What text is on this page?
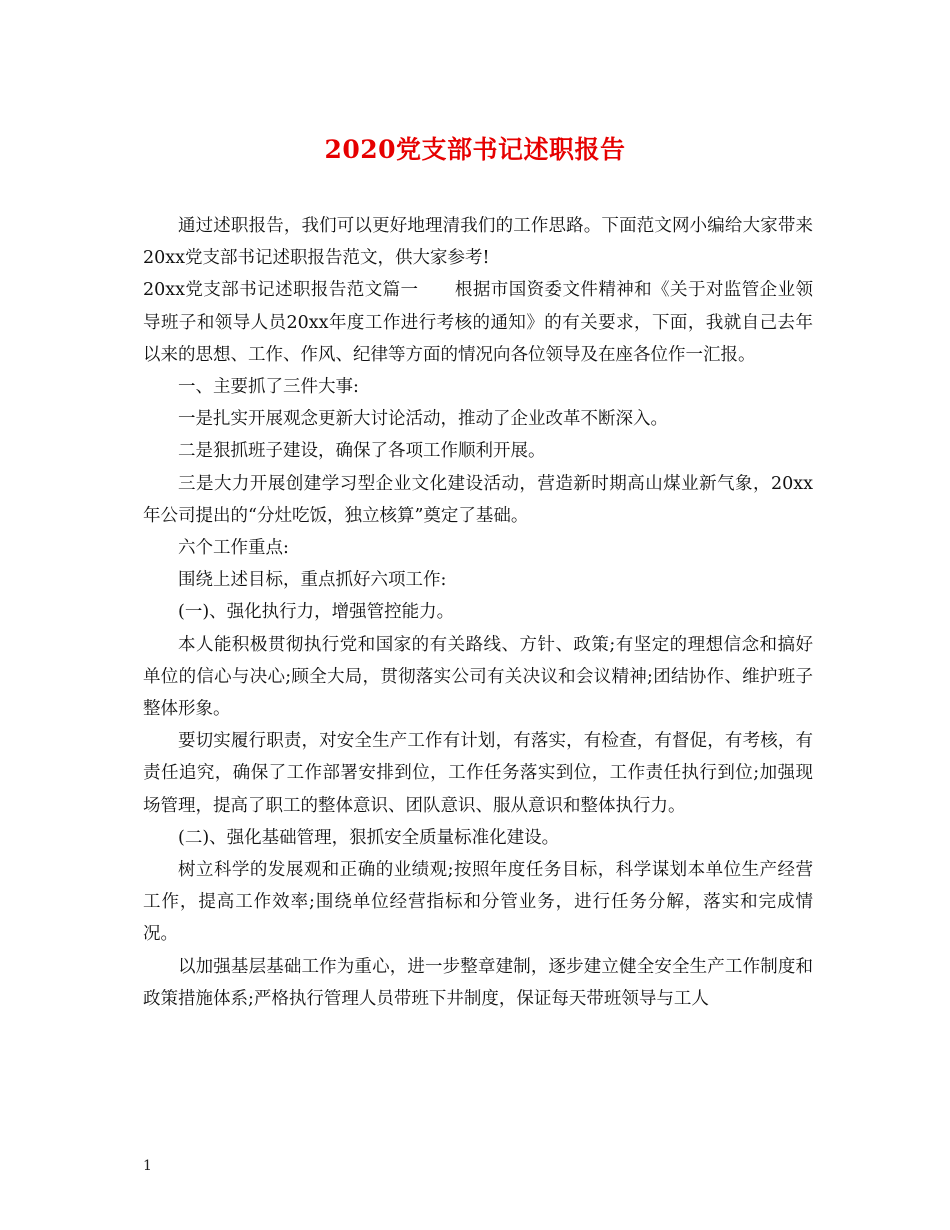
2020党支部书记述职报告

通过述职报告，我们可以更好地理清我们的工作思路。下面范文网小编给大家带来20xx党支部书记述职报告范文，供大家参考!

20xx党支部书记述职报告范文篇一 根据市国资委文件精神和《关于对监管企业领导班子和领导人员20xx年度工作进行考核的通知》的有关要求，下面，我就自己去年以来的思想、工作、作风、纪律等方面的情况向各位领导及在座各位作一汇报。

一、主要抓了三件大事:

一是扎实开展观念更新大讨论活动，推动了企业改革不断深入。

二是狠抓班子建设，确保了各项工作顺利开展。

三是大力开展创建学习型企业文化建设活动，营造新时期高山煤业新气象，20xx年公司提出的“分灶吃饭，独立核算”奠定了基础。

六个工作重点:

围绕上述目标，重点抓好六项工作:

(一)、强化执行力，增强管控能力。

本人能积极贯彻执行党和国家的有关路线、方针、政策;有坚定的理想信念和搞好单位的信心与决心;顾全大局，贯彻落实公司有关决议和会议精神;团结协作、维护班子整体形象。

要切实履行职责，对安全生产工作有计划，有落实，有检查，有督促，有考核，有责任追究，确保了工作部署安排到位，工作任务落实到位，工作责任执行到位;加强现场管理，提高了职工的整体意识、团队意识、服从意识和整体执行力。

(二)、强化基础管理，狠抓安全质量标准化建设。

树立科学的发展观和正确的业绩观;按照年度任务目标，科学谋划本单位生产经营工作，提高工作效率;围绕单位经营指标和分管业务，进行任务分解，落实和完成情况。

以加强基层基础工作为重心，进一步整章建制，逐步建立健全安全生产工作制度和政策措施体系;严格执行管理人员带班下井制度，保证每天带班领导与工人

1
